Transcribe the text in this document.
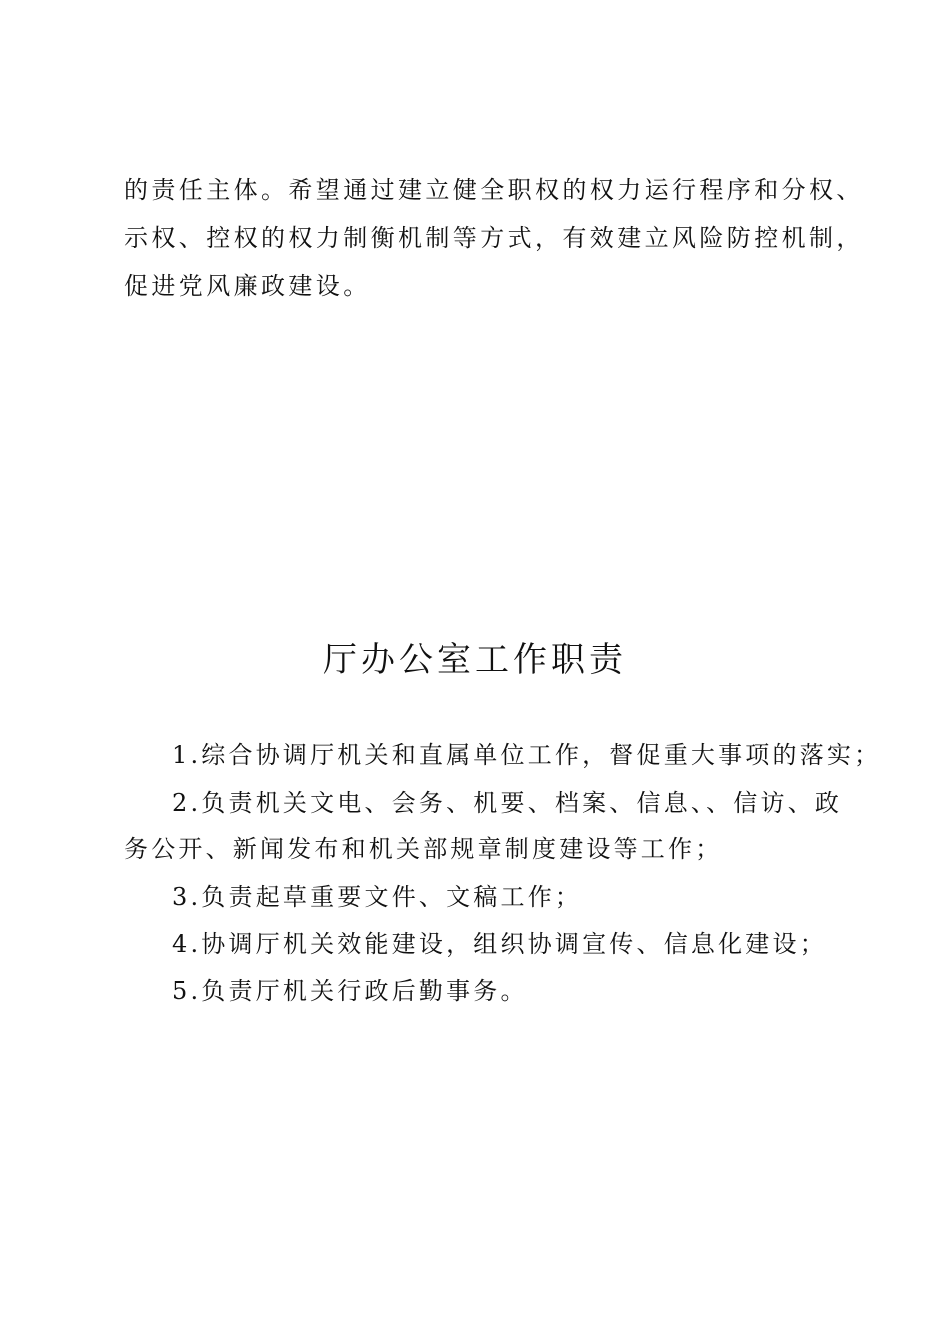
的责任主体。希望通过建立健全职权的权力运行程序和分权、
示权、控权的权力制衡机制等方式，有效建立风险防控机制，
促进党风廉政建设。

厅办公室工作职责

1.综合协调厅机关和直属单位工作，督促重大事项的落实；

2.负责机关文电、会务、机要、档案、信息、、信访、政

务公开、新闻发布和机关部规章制度建设等工作；

3.负责起草重要文件、文稿工作；

4.协调厅机关效能建设，组织协调宣传、信息化建设；

5.负责厅机关行政后勤事务。
